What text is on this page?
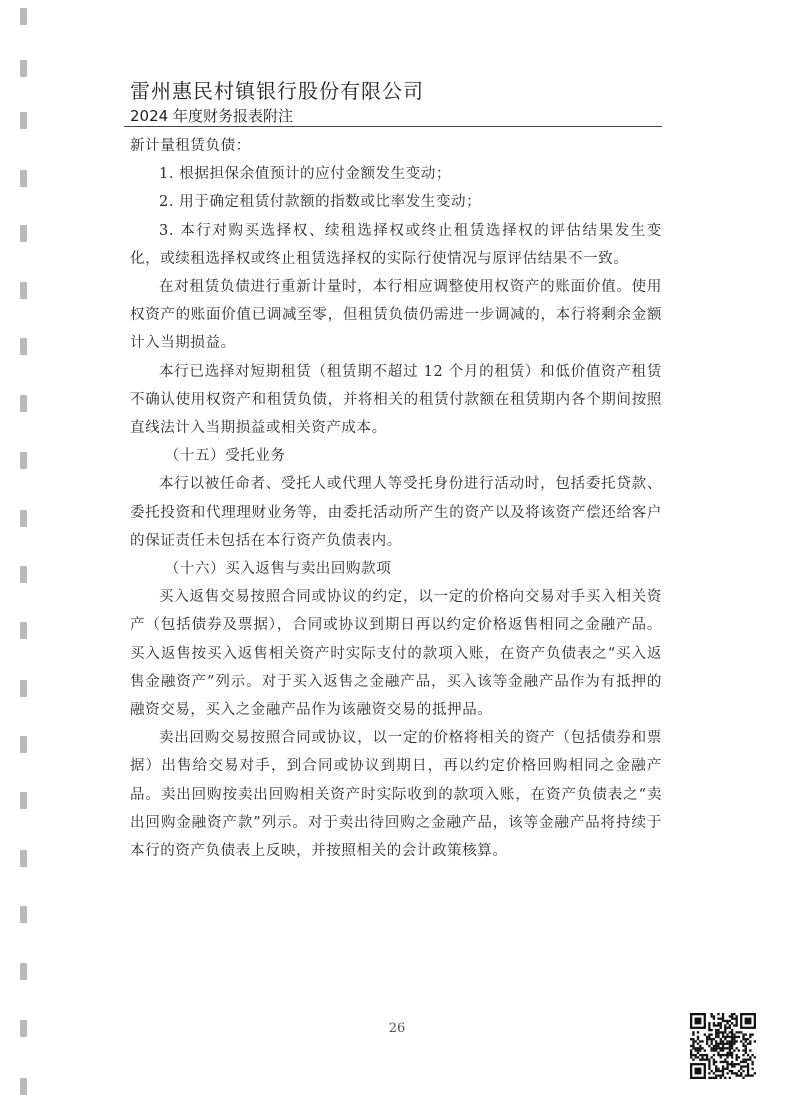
雷州惠民村镇银行股份有限公司
2024 年度财务报表附注

新计量租赁负债：

1. 根据担保余值预计的应付金额发生变动；

2. 用于确定租赁付款额的指数或比率发生变动；

3. 本行对购买选择权、续租选择权或终止租赁选择权的评估结果发生变化，或续租选择权或终止租赁选择权的实际行使情况与原评估结果不一致。

在对租赁负债进行重新计量时，本行相应调整使用权资产的账面价值。使用权资产的账面价值已调减至零，但租赁负债仍需进一步调减的，本行将剩余金额计入当期损益。

本行已选择对短期租赁（租赁期不超过 12 个月的租赁）和低价值资产租赁不确认使用权资产和租赁负债，并将相关的租赁付款额在租赁期内各个期间按照直线法计入当期损益或相关资产成本。

（十五）受托业务

本行以被任命者、受托人或代理人等受托身份进行活动时，包括委托贷款、委托投资和代理理财业务等，由委托活动所产生的资产以及将该资产偿还给客户的保证责任未包括在本行资产负债表内。

（十六）买入返售与卖出回购款项

买入返售交易按照合同或协议的约定，以一定的价格向交易对手买入相关资产（包括债券及票据），合同或协议到期日再以约定价格返售相同之金融产品。买入返售按买入返售相关资产时实际支付的款项入账，在资产负债表之“买入返售金融资产”列示。对于买入返售之金融产品，买入该等金融产品作为有抵押的融资交易，买入之金融产品作为该融资交易的抵押品。

卖出回购交易按照合同或协议，以一定的价格将相关的资产（包括债券和票据）出售给交易对手，到合同或协议到期日，再以约定价格回购相同之金融产品。卖出回购按卖出回购相关资产时实际收到的款项入账，在资产负债表之“卖出回购金融资产款”列示。对于卖出待回购之金融产品，该等金融产品将持续于本行的资产负债表上反映，并按照相关的会计政策核算。

26
